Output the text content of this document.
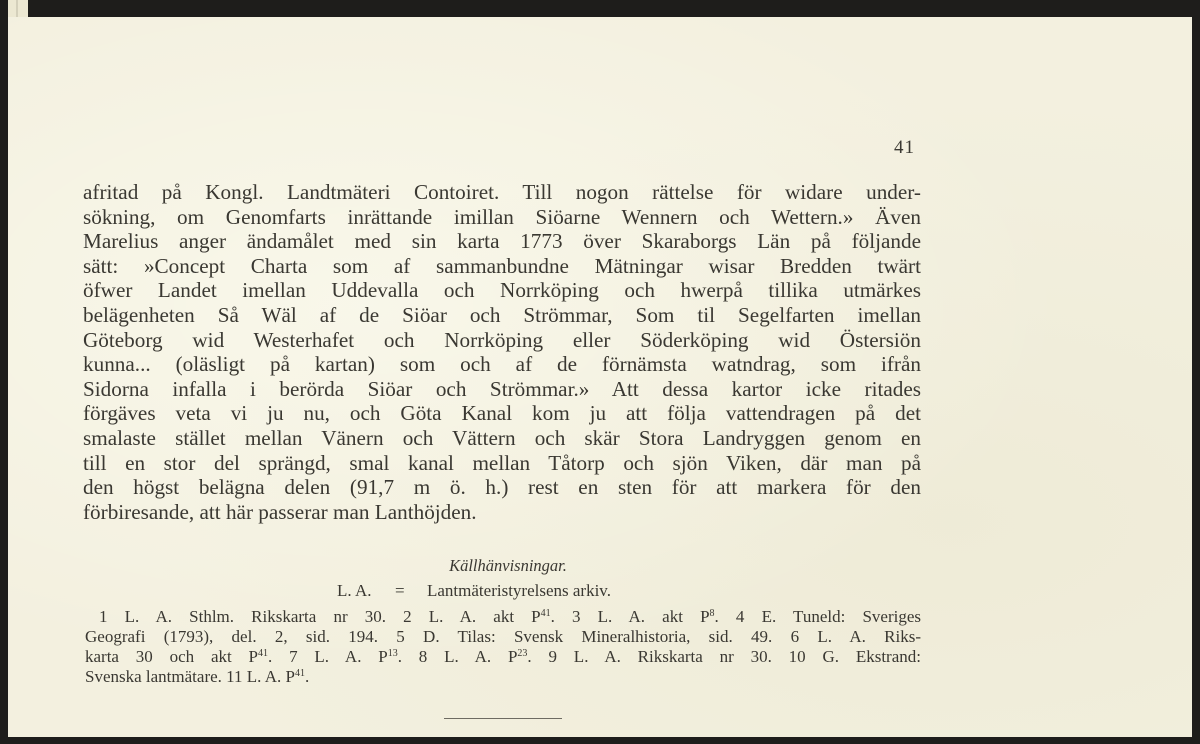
41
afritad på Kongl. Landtmäteri Contoiret. Till nogon rättelse för widare under-
sökning, om Genomfarts inrättande imillan Siöarne Wennern och Wettern.» Även
Marelius anger ändamålet med sin karta 1773 över Skaraborgs Län på följande
sätt: »Concept Charta som af sammanbundne Mätningar wisar Bredden twärt
öfwer Landet imellan Uddevalla och Norrköping och hwerpå tillika utmärkes
belägenheten Så Wäl af de Siöar och Strömmar, Som til Segelfarten imellan
Göteborg wid Westerhafet och Norrköping eller Söderköping wid Östersiön
kunna... (oläsligt på kartan) som och af de förnämsta watndrag, som ifrån
Sidorna infalla i berörda Siöar och Strömmar.» Att dessa kartor icke ritades
förgäves veta vi ju nu, och Göta Kanal kom ju att följa vattendragen på det
smalaste stället mellan Vänern och Vättern och skär Stora Landryggen genom en
till en stor del sprängd, smal kanal mellan Tåtorp och sjön Viken, där man på
den högst belägna delen (91,7 m ö. h.) rest en sten för att markera för den
förbiresande, att här passerar man Lanthöjden.
Källhänvisningar.
L. A. = Lantmäteristyrelsens arkiv.
1 L. A. Sthlm. Rikskarta nr 30. 2 L. A. akt $P^{41}$. 3 L. A. akt $P^8$. 4 E. Tuneld: Sveriges
Geografi (1793), del. 2, sid. 194. 5 D. Tilas: Svensk Mineralhistoria, sid. 49. 6 L. A. Riks-
karta 30 och akt $P^{41}$. 7 L. A. $P^{13}$. 8 L. A. $P^{23}$. 9 L. A. Rikskarta nr 30. 10 G. Ekstrand:
Svenska lantmätare. 11 L. A. $P^{41}$.
